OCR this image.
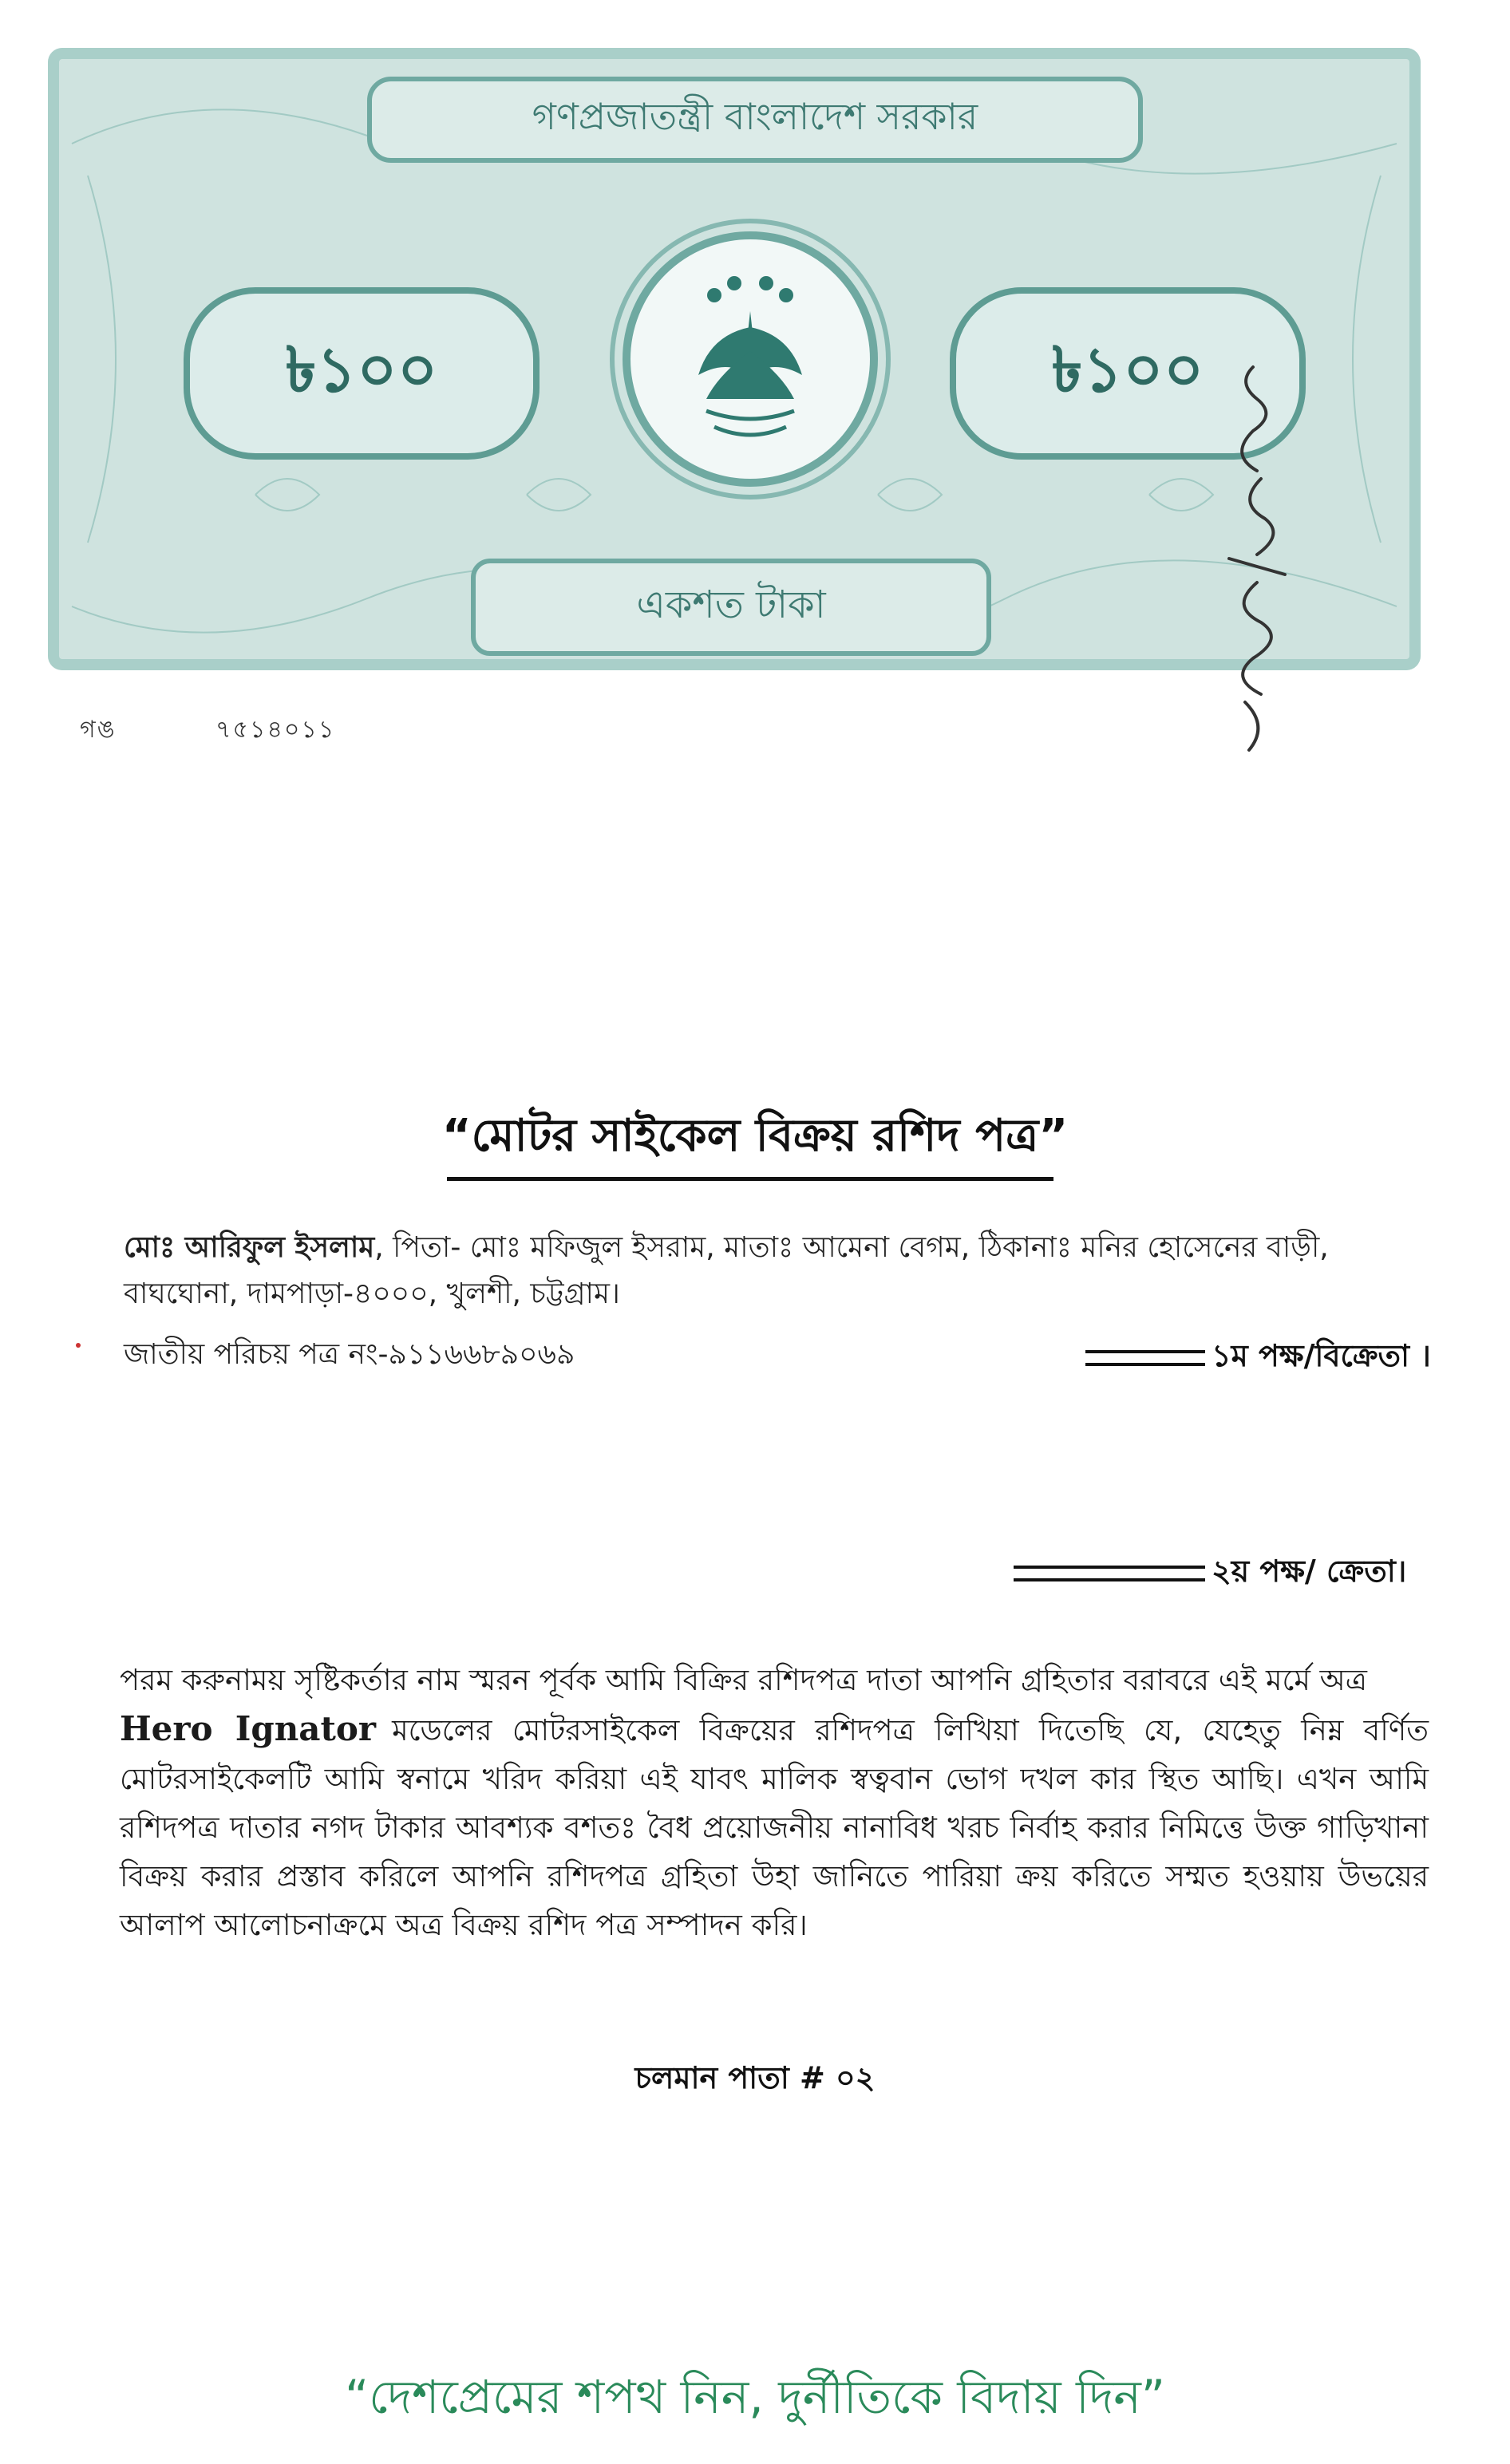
গণপ্রজাতন্ত্রী বাংলাদেশ সরকার
৳১০০	৳১০০
একশত টাকা
গঙ	৭৫১৪০১১
“মোটর সাইকেল বিক্রয় রশিদ পত্র”
মোঃ আরিফুল ইসলাম, পিতা- মোঃ মফিজুল ইসরাম, মাতাঃ আমেনা বেগম, ঠিকানাঃ মনির হোসেনের বাড়ী, বাঘঘোনা, দামপাড়া-৪০০০, খুলশী, চট্টগ্রাম।
জাতীয় পরিচয় পত্র নং-৯১১৬৬৮৯০৬৯	১ম পক্ষ/বিক্রেতা ।
২য় পক্ষ/ ক্রেতা।
পরম করুনাময় সৃষ্টিকর্তার নাম স্মরন পূর্বক আমি বিক্রির রশিদপত্র দাতা আপনি গ্রহিতার বরাবরে এই মর্মে অত্র
Hero Ignator মডেলের মোটরসাইকেল বিক্রয়ের রশিদপত্র লিখিয়া দিতেছি যে, যেহেতু নিম্ন বর্ণিত মোটরসাইকেলটি আমি স্বনামে খরিদ করিয়া এই যাবৎ মালিক স্বত্ববান ভোগ দখল কার স্থিত আছি। এখন আমি রশিদপত্র দাতার নগদ টাকার আবশ্যক বশতঃ বৈধ প্রয়োজনীয় নানাবিধ খরচ নির্বাহ করার নিমিত্তে উক্ত গাড়িখানা বিক্রয় করার প্রস্তাব করিলে আপনি রশিদপত্র গ্রহিতা উহা জানিতে পারিয়া ক্রয় করিতে সম্মত হওয়ায় উভয়ের আলাপ আলোচনাক্রমে অত্র বিক্রয় রশিদ পত্র সম্পাদন করি।
চলমান পাতা # ০২
“দেশপ্রেমের শপথ নিন, দুর্নীতিকে বিদায় দিন”
